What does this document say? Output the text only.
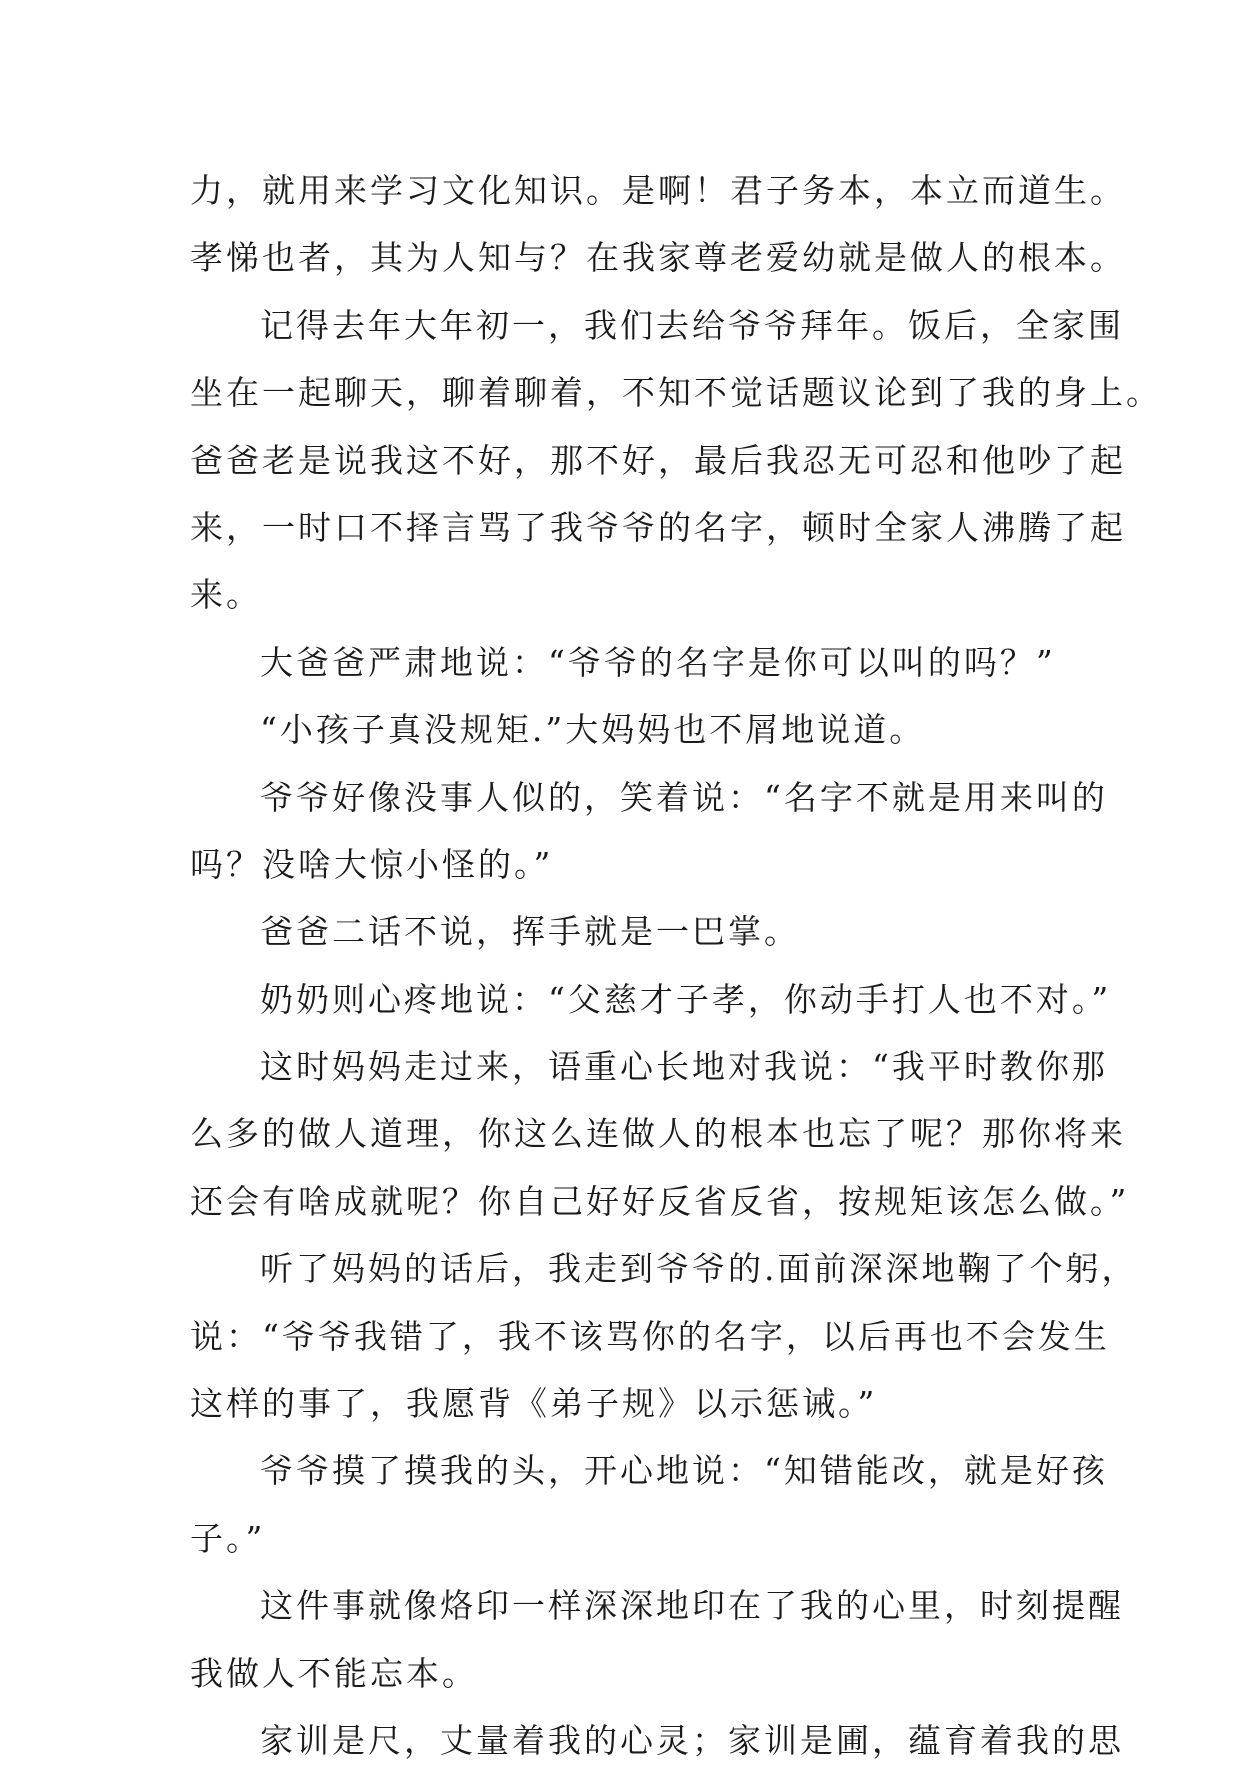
力，就用来学习文化知识。是啊！君子务本，本立而道生。
孝悌也者，其为人知与？在我家尊老爱幼就是做人的根本。
记得去年大年初一，我们去给爷爷拜年。饭后，全家围
坐在一起聊天，聊着聊着，不知不觉话题议论到了我的身上。
爸爸老是说我这不好，那不好，最后我忍无可忍和他吵了起
来，一时口不择言骂了我爷爷的名字，顿时全家人沸腾了起
来。
大爸爸严肃地说：“爷爷的名字是你可以叫的吗？”
“小孩子真没规矩.”大妈妈也不屑地说道。
爷爷好像没事人似的，笑着说：“名字不就是用来叫的
吗？没啥大惊小怪的。”
爸爸二话不说，挥手就是一巴掌。
奶奶则心疼地说：“父慈才子孝，你动手打人也不对。”
这时妈妈走过来，语重心长地对我说：“我平时教你那
么多的做人道理，你这么连做人的根本也忘了呢？那你将来
还会有啥成就呢？你自己好好反省反省，按规矩该怎么做。”
听了妈妈的话后，我走到爷爷的.面前深深地鞠了个躬，
说：“爷爷我错了，我不该骂你的名字，以后再也不会发生
这样的事了，我愿背《弟子规》以示惩诫。”
爷爷摸了摸我的头，开心地说：“知错能改，就是好孩
子。”
这件事就像烙印一样深深地印在了我的心里，时刻提醒
我做人不能忘本。
家训是尺，丈量着我的心灵；家训是圃，蕴育着我的思
